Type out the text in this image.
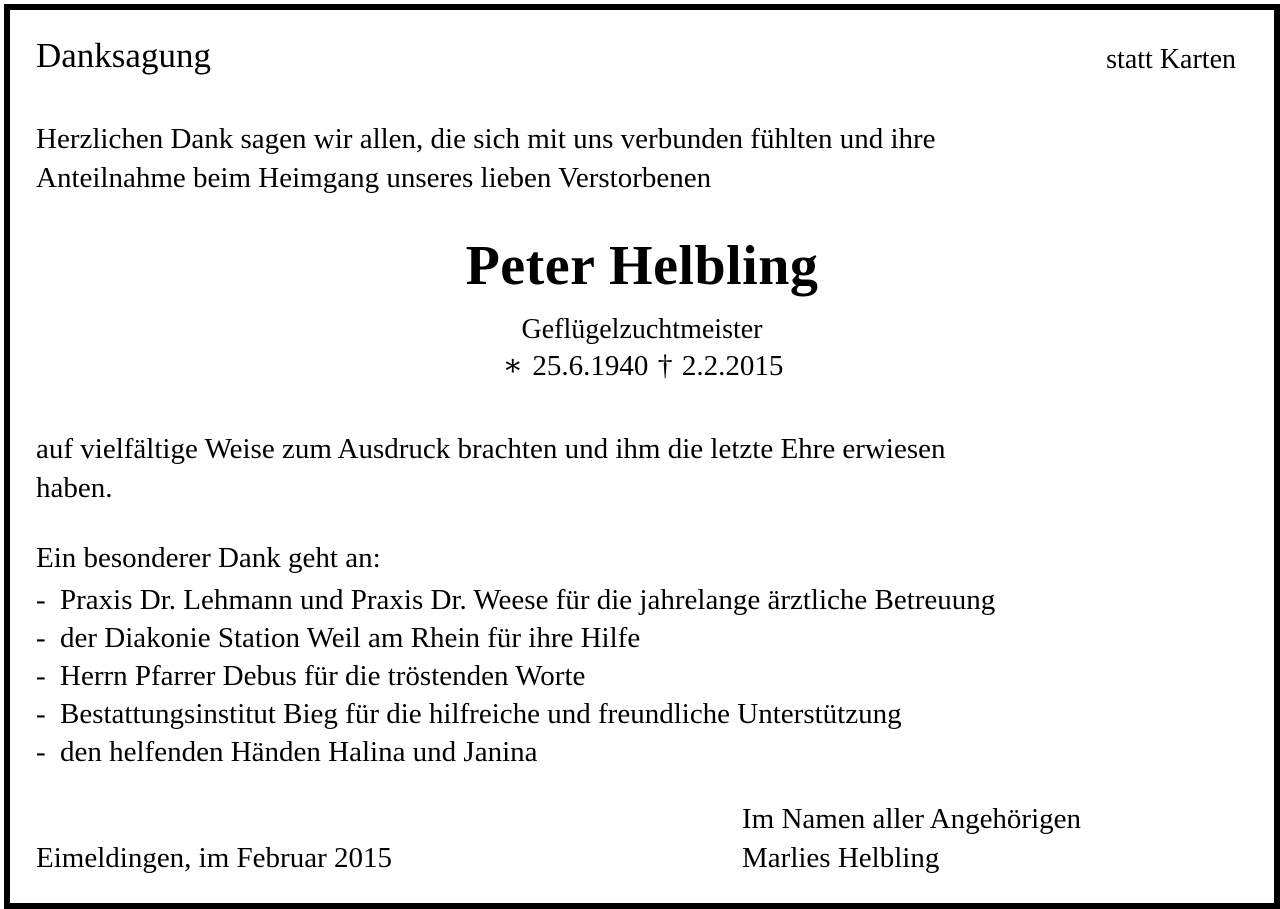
Danksagung	statt Karten
Herzlichen Dank sagen wir allen, die sich mit uns verbunden fühlten und ihre
Anteilnahme beim Heimgang unseres lieben Verstorbenen
Peter Helbling
Geflügelzuchtmeister
∗ 25.6.1940 † 2.2.2015
auf vielfältige Weise zum Ausdruck brachten und ihm die letzte Ehre erwiesen
haben.
Ein besonderer Dank geht an:
- Praxis Dr. Lehmann und Praxis Dr. Weese für die jahrelange ärztliche Betreuung
- der Diakonie Station Weil am Rhein für ihre Hilfe
- Herrn Pfarrer Debus für die tröstenden Worte
- Bestattungsinstitut Bieg für die hilfreiche und freundliche Unterstützung
- den helfenden Händen Halina und Janina
Eimeldingen, im Februar 2015
Im Namen aller Angehörigen
Marlies Helbling
